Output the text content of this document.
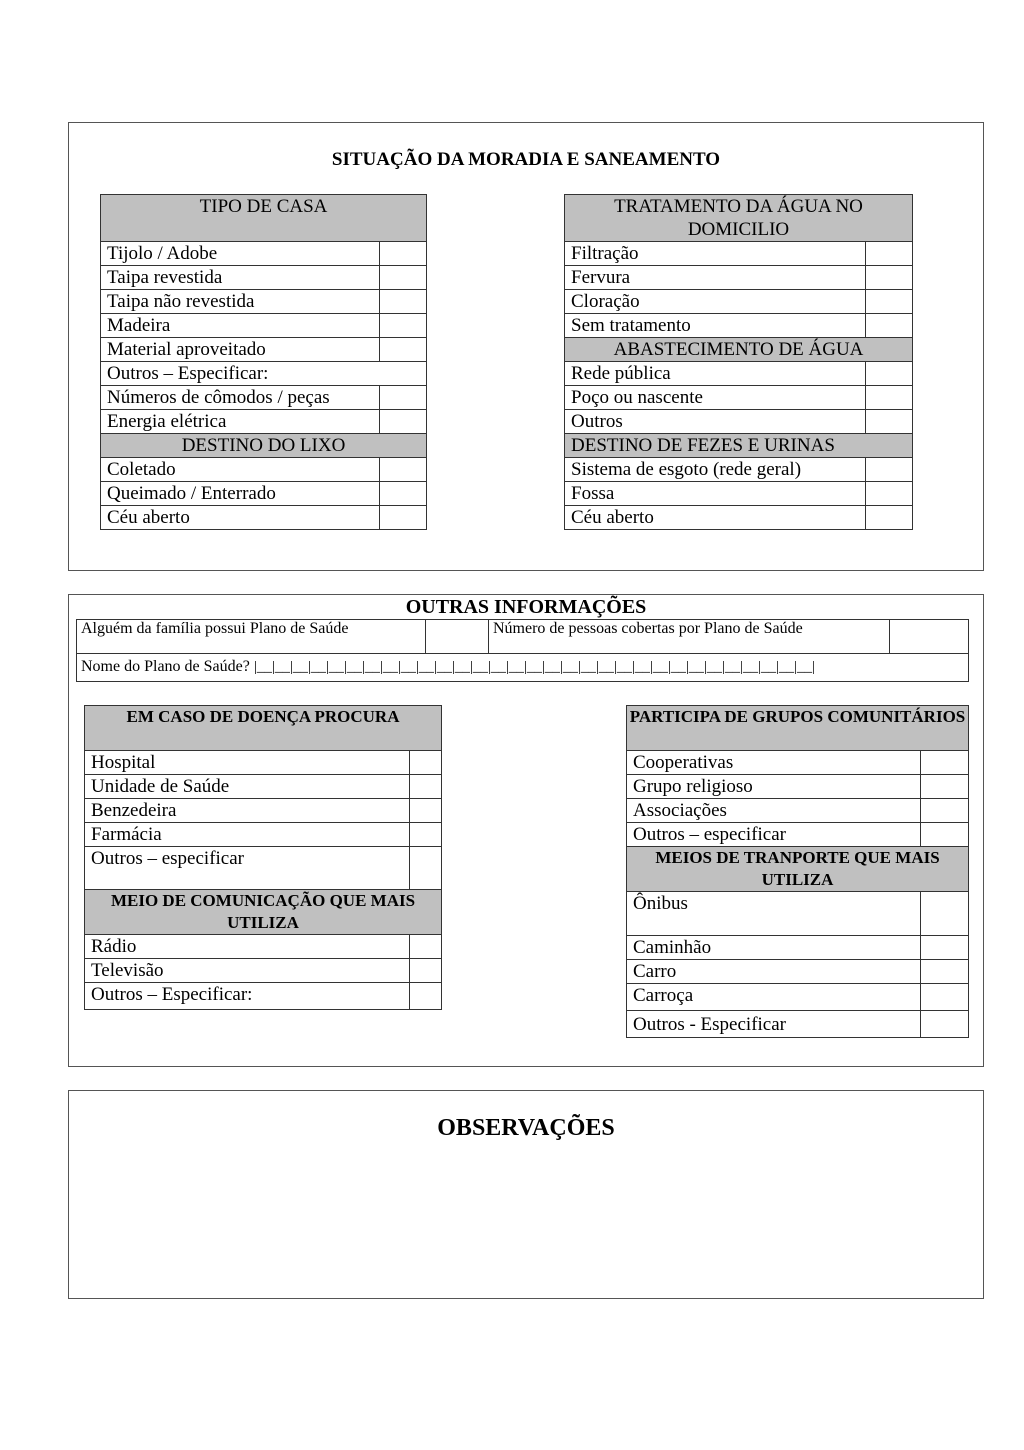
SITUAÇÃO DA MORADIA E SANEAMENTO
TIPO DE CASA	
Tijolo / Adobe	
Taipa revestida	
Taipa não revestida	
Madeira	
Material aproveitado	
Outros – Especificar:	
Números de cômodos / peças	
Energia elétrica	
DESTINO DO LIXO	
Coletado	
Queimado / Enterrado	
Céu aberto	
TRATAMENTO DA ÁGUA NO DOMICILIO	
Filtração	
Fervura	
Cloração	
Sem tratamento	
ABASTECIMENTO DE ÁGUA	
Rede pública	
Poço ou nascente	
Outros	
DESTINO DE FEZES E URINAS	
Sistema de esgoto (rede geral)	
Fossa	
Céu aberto	
OUTRAS INFORMAÇÕES
Alguém da família possui Plano de Saúde		Número de pessoas cobertas por Plano de Saúde	
Nome do Plano de Saúde? |__|__|__|__|__|__|__|__|__|__|__|__|__|__|__|__|__|__|__|__|__|__|__|__|__|__|__|__|__|__|__|
EM CASO DE DOENÇA PROCURA	
Hospital	
Unidade de Saúde	
Benzedeira	
Farmácia	
Outros – especificar	
MEIO DE COMUNICAÇÃO QUE MAIS UTILIZA	
Rádio	
Televisão	
Outros – Especificar:	
PARTICIPA DE GRUPOS COMUNITÁRIOS	
Cooperativas	
Grupo religioso	
Associações	
Outros – especificar	
MEIOS DE TRANPORTE QUE MAIS UTILIZA	
Ônibus	
Caminhão	
Carro	
Carroça	
Outros - Especificar	
OBSERVAÇÕES
